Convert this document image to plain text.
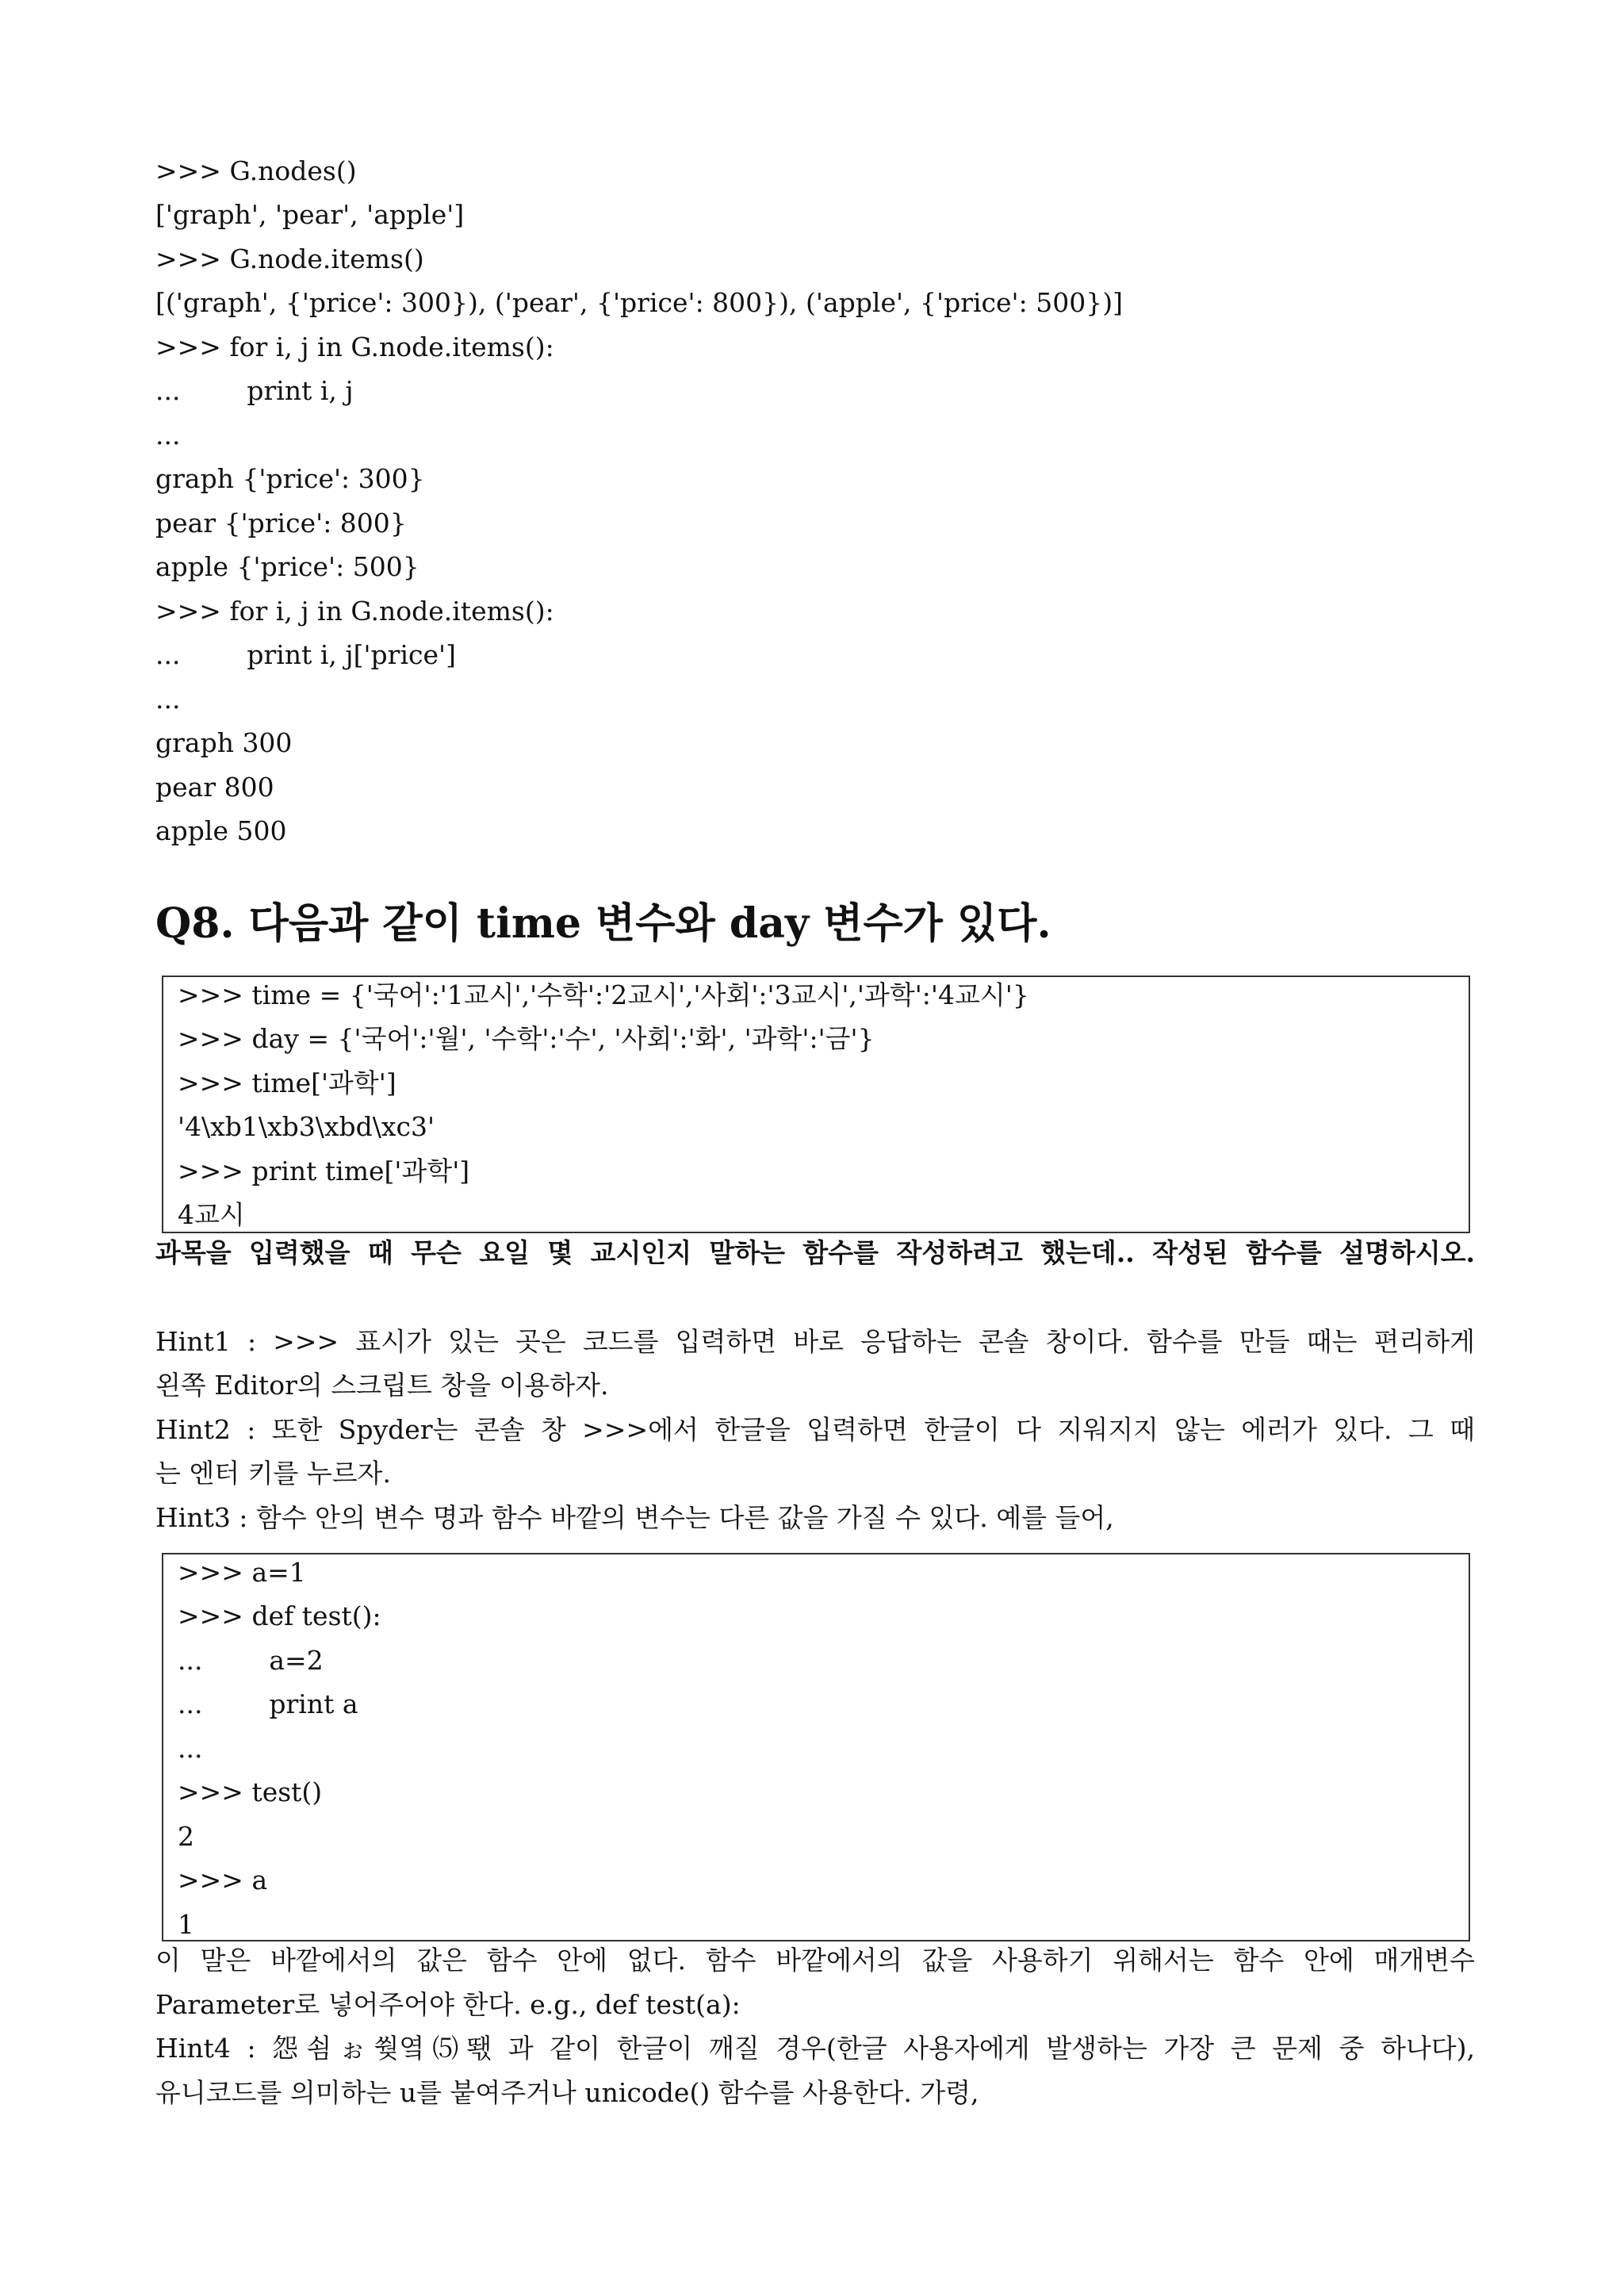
>>> G.nodes()
['graph', 'pear', 'apple']
>>> G.node.items()
[('graph', {'price': 300}), ('pear', {'price': 800}), ('apple', {'price': 500})]
>>> for i, j in G.node.items():
...        print i, j
...
graph {'price': 300}
pear {'price': 800}
apple {'price': 500}
>>> for i, j in G.node.items():
...        print i, j['price']
...
graph 300
pear 800
apple 500
Q8. 다음과 같이 time 변수와 day 변수가 있다.
>>> time = {'국어':'1교시','수학':'2교시','사회':'3교시','과학':'4교시'}
>>> day = {'국어':'월', '수학':'수', '사회':'화', '과학':'금'}
>>> time['과학']
'4\xb1\xb3\xbd\xc3'
>>> print time['과학']
4교시
과목을 입력했을 때 무슨 요일 몇 교시인지 말하는 함수를 작성하려고 했는데.. 작성된 함수를 설명하시오.
Hint1 : >>> 표시가 있는 곳은 코드를 입력하면 바로 응답하는 콘솔 창이다. 함수를 만들 때는 편리하게
왼쪽 Editor의 스크립트 창을 이용하자.
Hint2 : 또한 Spyder는 콘솔 창 >>>에서 한글을 입력하면 한글이 다 지워지지 않는 에러가 있다. 그 때
는 엔터 키를 누르자.
Hint3 : 함수 안의 변수 명과 함수 바깥의 변수는 다른 값을 가질 수 있다. 예를 들어,
>>> a=1
>>> def test():
...        a=2
...        print a
...
>>> test()
2
>>> a
1
이 말은 바깥에서의 값은 함수 안에 없다. 함수 바깥에서의 값을 사용하기 위해서는 함수 안에 매개변수
Parameter로 넣어주어야 한다. e.g., def test(a):
Hint4 : 怨쇰ぉ쒖옄⑸뙋 과 같이 한글이 깨질 경우(한글 사용자에게 발생하는 가장 큰 문제 중 하나다),
유니코드를 의미하는 u를 붙여주거나 unicode() 함수를 사용한다. 가령,
